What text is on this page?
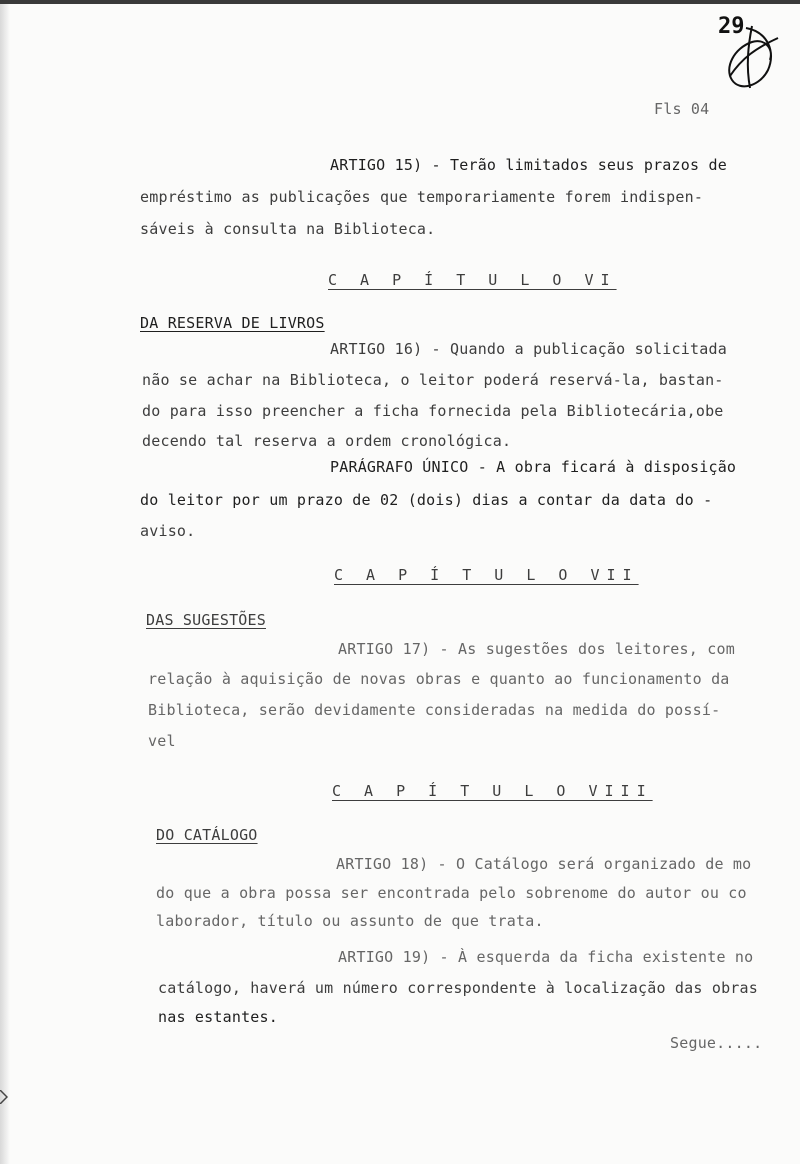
29
Fls 04
ARTIGO 15) - Terão limitados seus prazos de
empréstimo as publicações que temporariamente forem indispen-
sáveis à consulta na Biblioteca.
C A P Í T U L O VI
DA RESERVA DE LIVROS
ARTIGO 16) - Quando a publicação solicitada
não se achar na Biblioteca, o leitor poderá reservá-la, bastan-
do para isso preencher a ficha fornecida pela Bibliotecária,obe
decendo tal reserva a ordem cronológica.
PARÁGRAFO ÚNICO - A obra ficará à disposição
do leitor por um prazo de 02 (dois) dias a contar da data do -
aviso.
C A P Í T U L O VII
DAS SUGESTÕES
ARTIGO 17) - As sugestões dos leitores, com
relação à aquisição de novas obras e quanto ao funcionamento da
Biblioteca, serão devidamente consideradas na medida do possí-
vel
C A P Í T U L O VIII
DO CATÁLOGO
ARTIGO 18) - O Catálogo será organizado de mo
do que a obra possa ser encontrada pelo sobrenome do autor ou co
laborador, título ou assunto de que trata.
ARTIGO 19) - À esquerda da ficha existente no
catálogo, haverá um número correspondente à localização das obras
nas estantes.
Segue.....
